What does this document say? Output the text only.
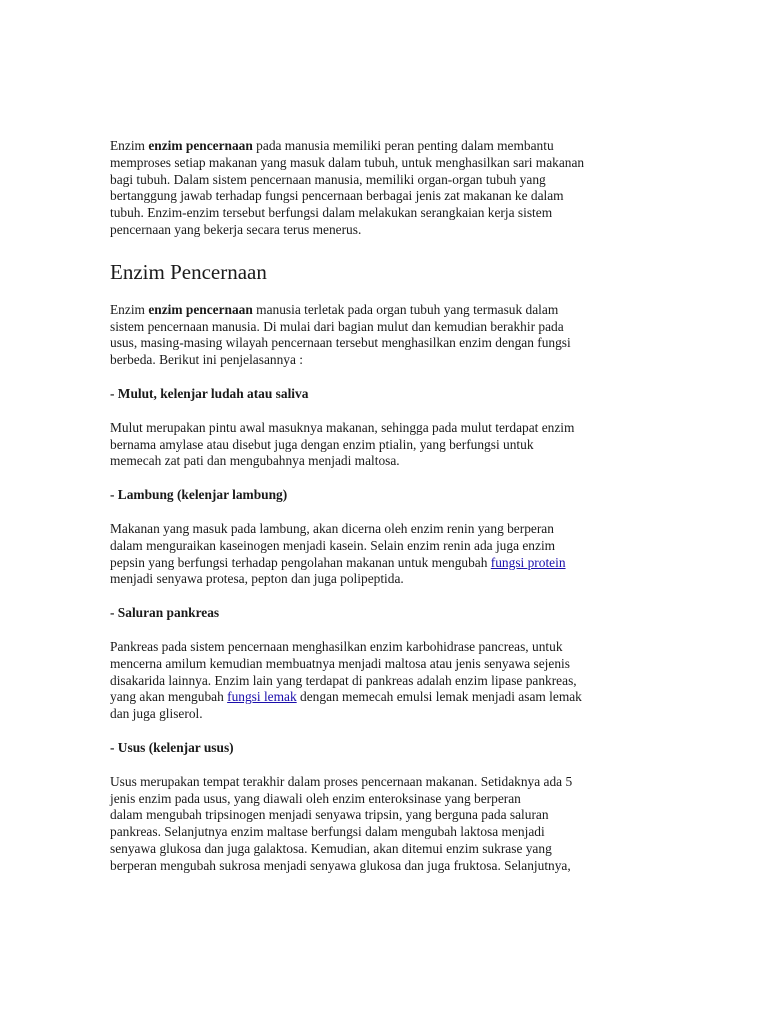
Enzim enzim pencernaan pada manusia memiliki peran penting dalam membantu
memproses setiap makanan yang masuk dalam tubuh, untuk menghasilkan sari makanan
bagi tubuh. Dalam sistem pencernaan manusia, memiliki organ-organ tubuh yang
bertanggung jawab terhadap fungsi pencernaan berbagai jenis zat makanan ke dalam
tubuh. Enzim-enzim tersebut berfungsi dalam melakukan serangkaian kerja sistem
pencernaan yang bekerja secara terus menerus.

Enzim Pencernaan

Enzim enzim pencernaan manusia terletak pada organ tubuh yang termasuk dalam
sistem pencernaan manusia. Di mulai dari bagian mulut dan kemudian berakhir pada
usus, masing-masing wilayah pencernaan tersebut menghasilkan enzim dengan fungsi
berbeda. Berikut ini penjelasannya :

- Mulut, kelenjar ludah atau saliva

Mulut merupakan pintu awal masuknya makanan, sehingga pada mulut terdapat enzim
bernama amylase atau disebut juga dengan enzim ptialin, yang berfungsi untuk
memecah zat pati dan mengubahnya menjadi maltosa.

- Lambung (kelenjar lambung)

Makanan yang masuk pada lambung, akan dicerna oleh enzim renin yang berperan
dalam menguraikan kaseinogen menjadi kasein. Selain enzim renin ada juga enzim
pepsin yang berfungsi terhadap pengolahan makanan untuk mengubah fungsi protein
menjadi senyawa protesa, pepton dan juga polipeptida.

- Saluran pankreas

Pankreas pada sistem pencernaan menghasilkan enzim karbohidrase pancreas, untuk
mencerna amilum kemudian membuatnya menjadi maltosa atau jenis senyawa sejenis
disakarida lainnya. Enzim lain yang terdapat di pankreas adalah enzim lipase pankreas,
yang akan mengubah fungsi lemak dengan memecah emulsi lemak menjadi asam lemak
dan juga gliserol.

- Usus (kelenjar usus)

Usus merupakan tempat terakhir dalam proses pencernaan makanan. Setidaknya ada 5
jenis enzim pada usus, yang diawali oleh enzim enteroksinase yang berperan
dalam mengubah tripsinogen menjadi senyawa tripsin, yang berguna pada saluran
pankreas. Selanjutnya enzim maltase berfungsi dalam mengubah laktosa menjadi
senyawa glukosa dan juga galaktosa. Kemudian, akan ditemui enzim sukrase yang
berperan mengubah sukrosa menjadi senyawa glukosa dan juga fruktosa. Selanjutnya,
